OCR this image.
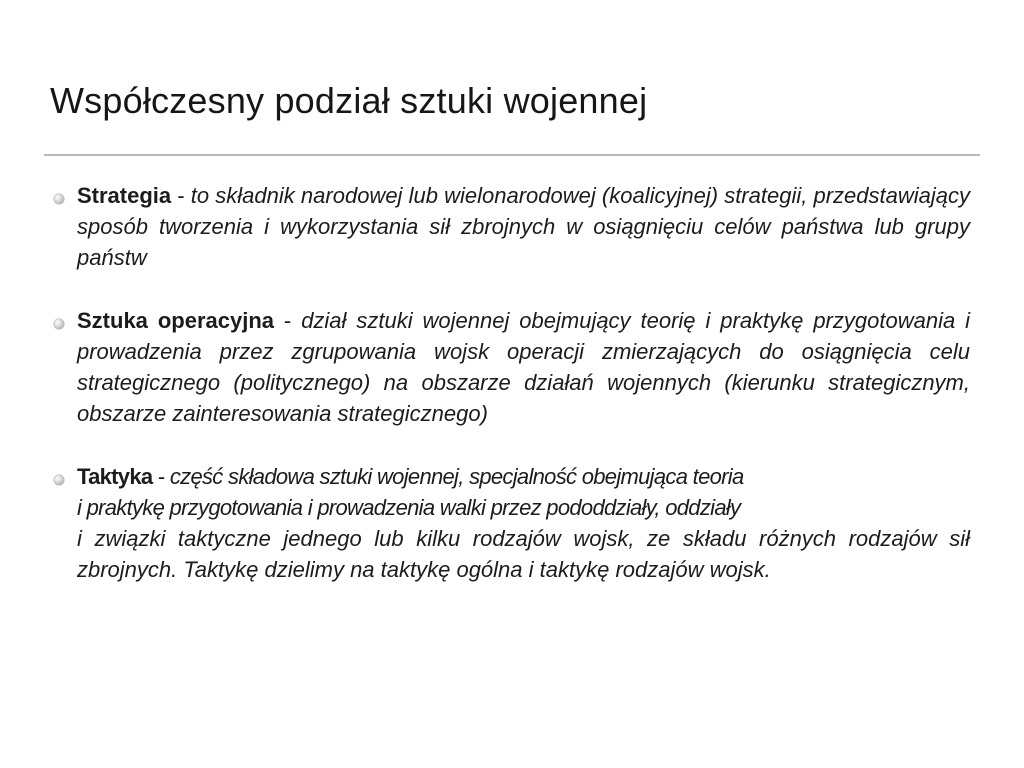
Współczesny podział sztuki wojennej
Strategia - to składnik narodowej lub wielonarodowej (koalicyjnej) strategii, przedstawiający sposób tworzenia i wykorzystania sił zbrojnych w osiągnięciu celów państwa lub grupy państw
Sztuka operacyjna - dział sztuki wojennej obejmujący teorię i praktykę przygotowania i prowadzenia przez zgrupowania wojsk operacji zmierzających do osiągnięcia celu strategicznego (politycznego) na obszarze działań wojennych (kierunku strategicznym, obszarze zainteresowania strategicznego)
Taktyka - część składowa sztuki wojennej, specjalność obejmująca teoria
i praktykę przygotowania i prowadzenia walki przez pododdziały, oddziały
i związki taktyczne jednego lub kilku rodzajów wojsk, ze składu różnych rodzajów sił zbrojnych. Taktykę dzielimy na taktykę ogólna i taktykę rodzajów wojsk.
